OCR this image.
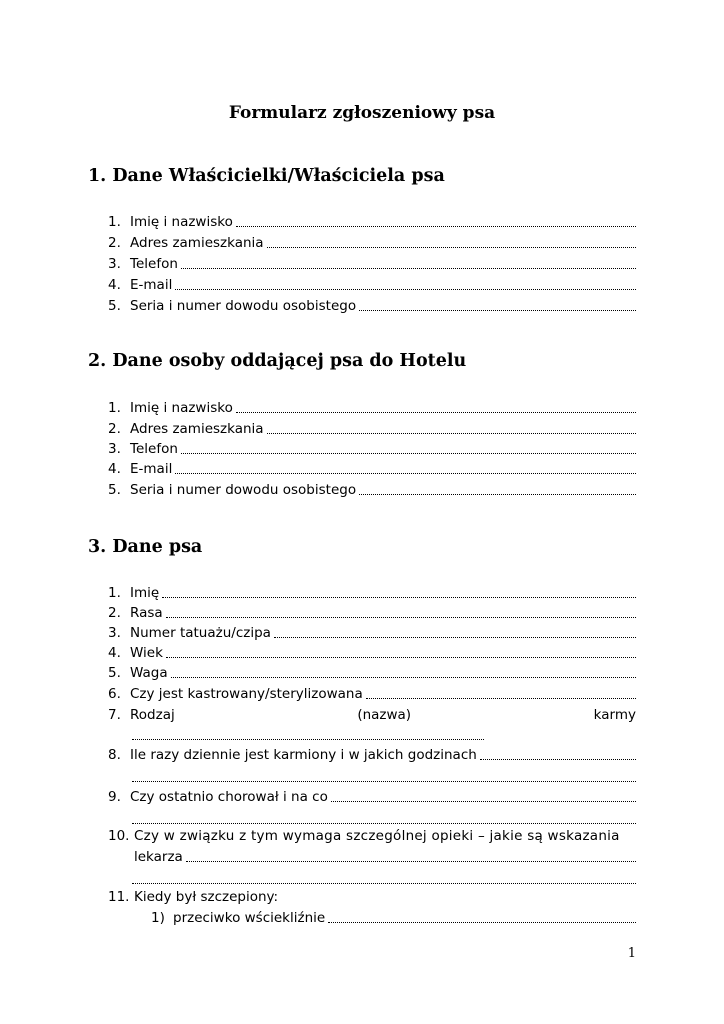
Formularz zgłoszeniowy psa
1. Dane Właścicielki/Właściciela psa
1. Imię i nazwisko
2. Adres zamieszkania
3. Telefon
4. E-mail
5. Seria i numer dowodu osobistego
2. Dane osoby oddającej psa do Hotelu
1. Imię i nazwisko
2. Adres zamieszkania
3. Telefon
4. E-mail
5. Seria i numer dowodu osobistego
3. Dane psa
1. Imię
2. Rasa
3. Numer tatuażu/czipa
4. Wiek
5. Waga
6. Czy jest kastrowany/sterylizowana
7. Rodzaj	(nazwa)	karmy
8. Ile razy dziennie jest karmiony i w jakich godzinach
9. Czy ostatnio chorował i na co
10. Czy w związku z tym wymaga szczególnej opieki – jakie są wskazania
lekarza
11. Kiedy był szczepiony:
1) przeciwko wściekliźnie
1
